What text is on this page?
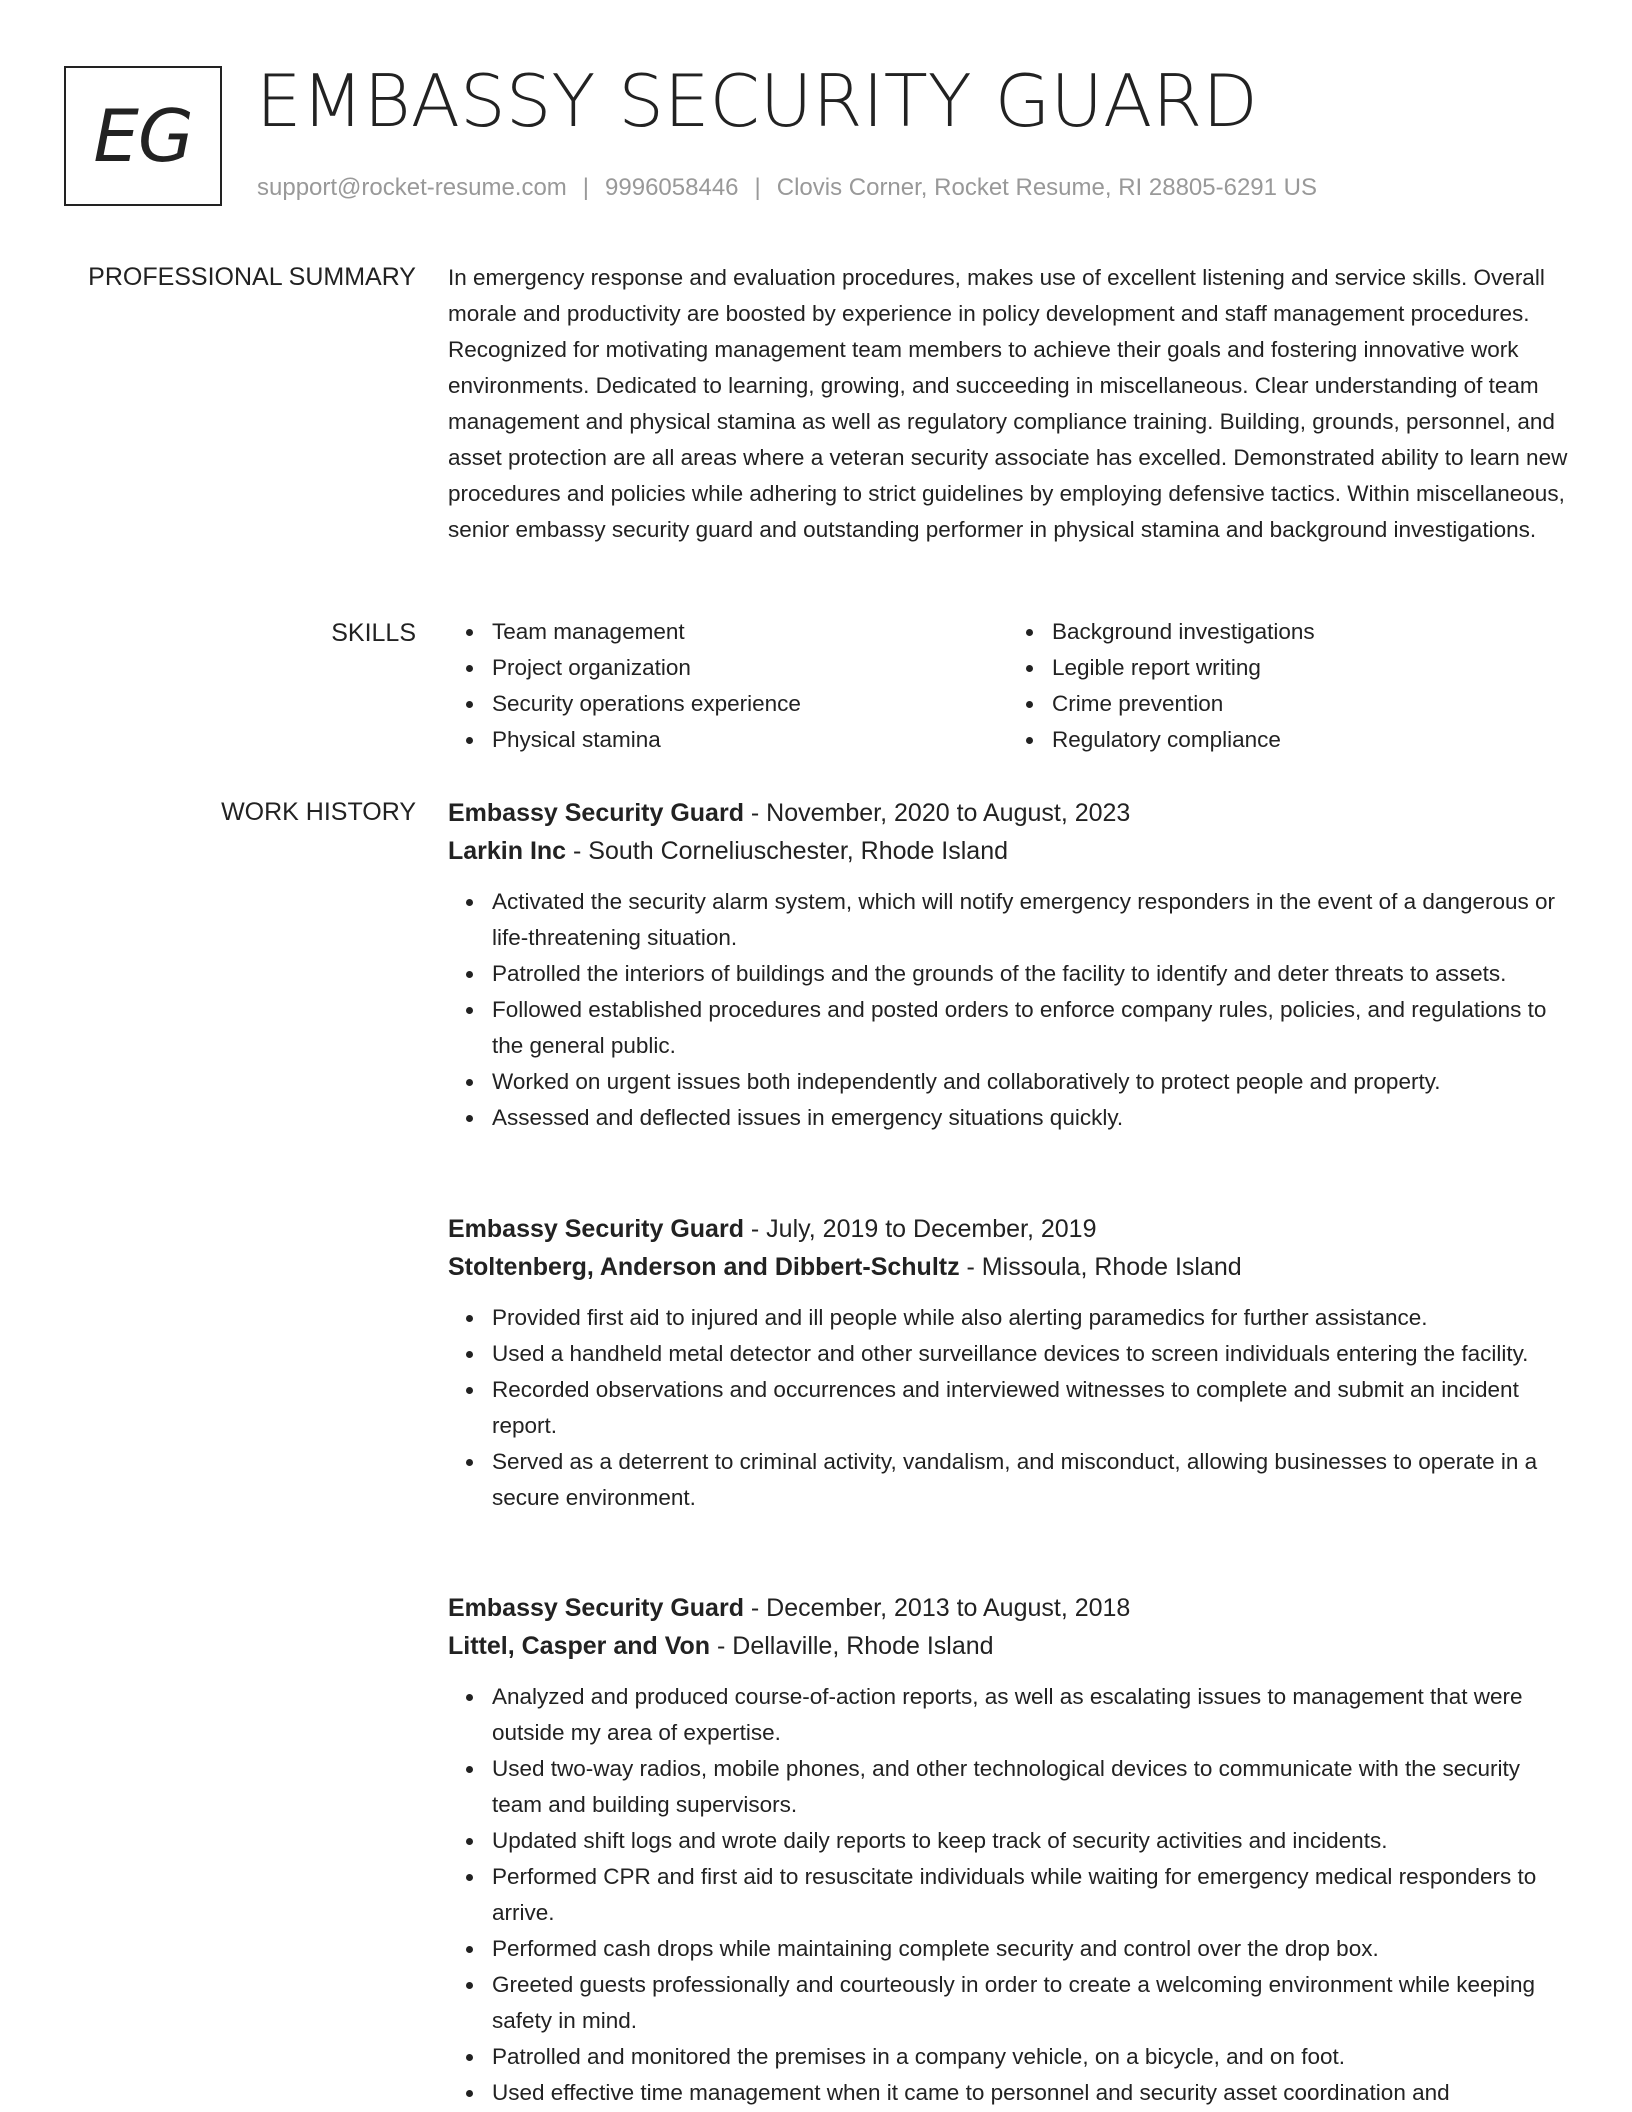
EG EMBASSY SECURITY GUARD
support@rocket-resume.com | 9996058446 | Clovis Corner, Rocket Resume, RI 28805-6291 US
PROFESSIONAL SUMMARY In emergency response and evaluation procedures, makes use of excellent listening and service skills. Overall morale and productivity are boosted by experience in policy development and staff management procedures. Recognized for motivating management team members to achieve their goals and fostering innovative work environments. Dedicated to learning, growing, and succeeding in miscellaneous. Clear understanding of team management and physical stamina as well as regulatory compliance training. Building, grounds, personnel, and asset protection are all areas where a veteran security associate has excelled. Demonstrated ability to learn new procedures and policies while adhering to strict guidelines by employing defensive tactics. Within miscellaneous, senior embassy security guard and outstanding performer in physical stamina and background investigations.
SKILLS	Team management
Project organization
Security operations experience
Physical stamina
Background investigations
Legible report writing
Crime prevention
Regulatory compliance
WORK HISTORY Embassy Security Guard - November, 2020 to August, 2023
Larkin Inc - South Corneliuschester, Rhode Island
Activated the security alarm system, which will notify emergency responders in the event of a dangerous or life-threatening situation.
Patrolled the interiors of buildings and the grounds of the facility to identify and deter threats to assets.
Followed established procedures and posted orders to enforce company rules, policies, and regulations to the general public.
Worked on urgent issues both independently and collaboratively to protect people and property.
Assessed and deflected issues in emergency situations quickly.
Embassy Security Guard - July, 2019 to December, 2019
Stoltenberg, Anderson and Dibbert-Schultz - Missoula, Rhode Island
Provided first aid to injured and ill people while also alerting paramedics for further assistance.
Used a handheld metal detector and other surveillance devices to screen individuals entering the facility.
Recorded observations and occurrences and interviewed witnesses to complete and submit an incident report.
Served as a deterrent to criminal activity, vandalism, and misconduct, allowing businesses to operate in a secure environment.
Embassy Security Guard - December, 2013 to August, 2018
Littel, Casper and Von - Dellaville, Rhode Island
Analyzed and produced course-of-action reports, as well as escalating issues to management that were outside my area of expertise.
Used two-way radios, mobile phones, and other technological devices to communicate with the security team and building supervisors.
Updated shift logs and wrote daily reports to keep track of security activities and incidents.
Performed CPR and first aid to resuscitate individuals while waiting for emergency medical responders to arrive.
Performed cash drops while maintaining complete security and control over the drop box.
Greeted guests professionally and courteously in order to create a welcoming environment while keeping safety in mind.
Patrolled and monitored the premises in a company vehicle, on a bicycle, and on foot.
Used effective time management when it came to personnel and security asset coordination and
